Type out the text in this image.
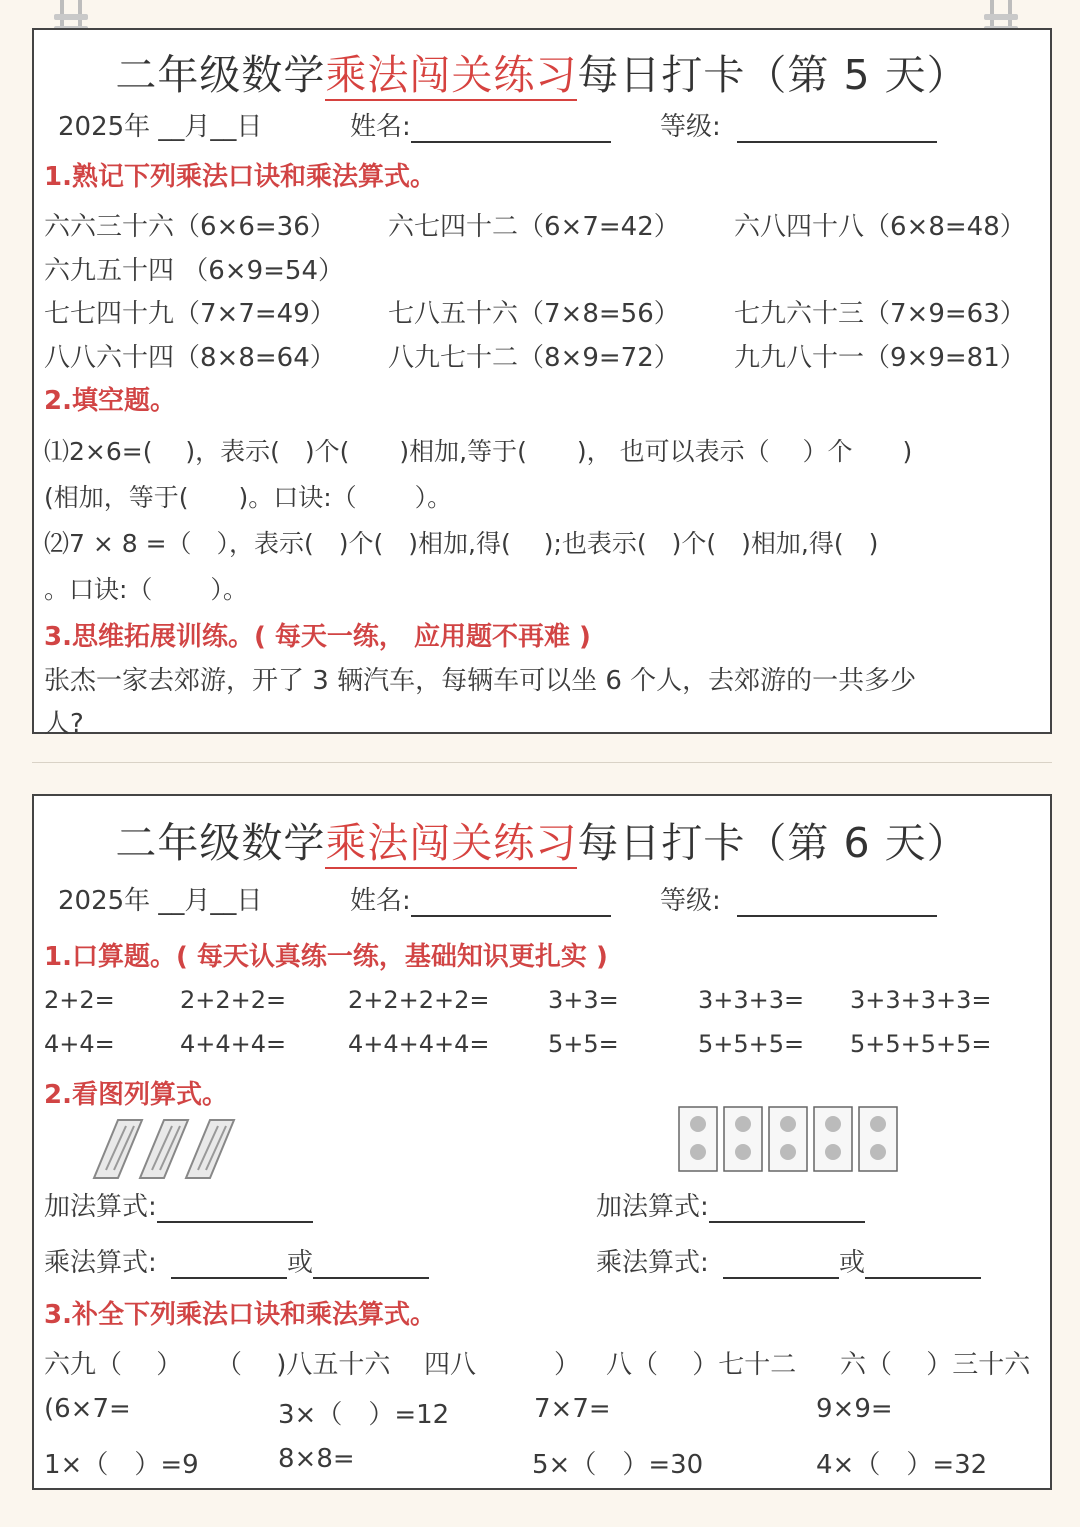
二年级数学乘法闯关练习每日打卡（第 5 天）
2025年 __月__日	姓名:	等级:
1.熟记下列乘法口诀和乘法算式。
六六三十六（6×6=36） 六七四十二（6×7=42） 六八四十八（6×8=48）
六九五十四 （6×9=54）
七七四十九（7×7=49） 七八五十六（7×8=56） 七九六十三（7×9=63）
八八六十四（8×8=64） 八九七十二（8×9=72） 九九八十一（9×9=81）
2.填空题。
⑴2×6=(　 )，表示(　)个(　　)相加,等于(　　)， 也可以表示（　 ）个　　)
(相加，等于(　　)。口诀:（　　 ）。
⑵7 × 8 =（　），表示(　)个(　)相加,得(　 );也表示(　)个(　)相加,得(　)
。口诀:（　　 ）。
3.思维拓展训练。( 每天一练， 应用题不再难 )
张杰一家去郊游，开了 3 辆汽车，每辆车可以坐 6 个人，去郊游的一共多少
人?
二年级数学乘法闯关练习每日打卡（第 6 天）
2025年 __月__日	姓名:	等级:
1.口算题。( 每天认真练一练，基础知识更扎实 )
2+2=	2+2+2=	2+2+2+2= 3+3=	3+3+3= 3+3+3+3=
4+4=	4+4+4=	4+4+4+4= 5+5=	5+5+5= 5+5+5+5=
2.看图列算式。
加法算式:	加法算式:
乘法算式:	或	乘法算式:	或
3.补全下列乘法口诀和乘法算式。
六九（　 ） （　 )八五十六 四八　　　） 八（　 ）七十二 六（　 ）三十六
(6×7=	3×（　）=12	7×7=	9×9=
1×（　）=9	8×8=	5×（　）=30	4×（　）=32
